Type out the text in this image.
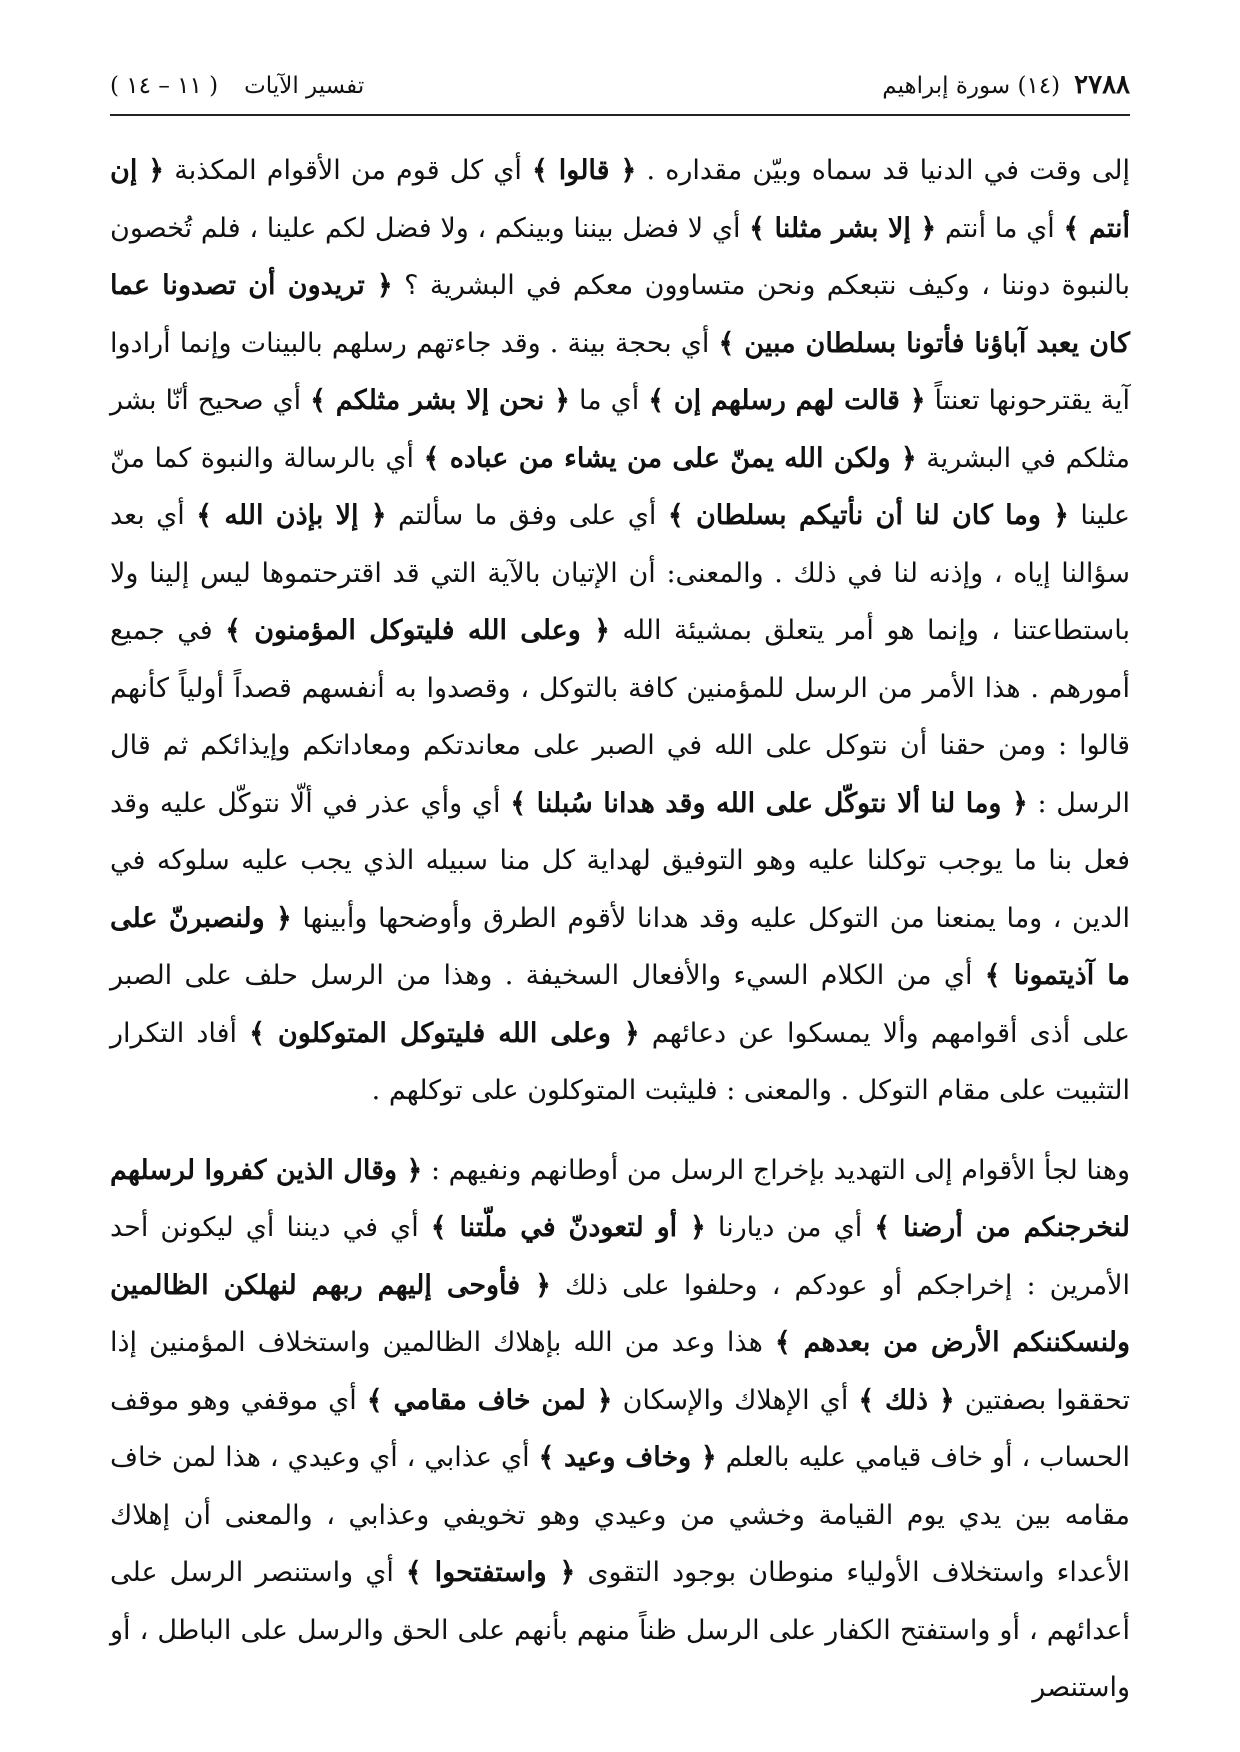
٢٧٨٨
(١٤) سورة إبراهيم
تفسير الآيات
( ١١ – ١٤ )

إلى وقت في الدنيا قد سماه وبيّن مقداره . ﴿ قالوا ﴾ أي كل قوم من الأقوام المكذبة ﴿ إن أنتم ﴾ أي ما أنتم ﴿ إلا بشر مثلنا ﴾ أي لا فضل بيننا وبينكم ، ولا فضل لكم علينا ، فلم تُخصون بالنبوة دوننا ، وكيف نتبعكم ونحن متساوون معكم في البشرية ؟ ﴿ تريدون أن تصدونا عما كان يعبد آباؤنا فأتونا بسلطان مبين ﴾ أي بحجة بينة . وقد جاءتهم رسلهم بالبينات وإنما أرادوا آية يقترحونها تعنتاً ﴿ قالت لهم رسلهم إن ﴾ أي ما ﴿ نحن إلا بشر مثلكم ﴾ أي صحيح أنّا بشر مثلكم في البشرية ﴿ ولكن الله يمنّ على من يشاء من عباده ﴾ أي بالرسالة والنبوة كما منّ علينا ﴿ وما كان لنا أن نأتيكم بسلطان ﴾ أي على وفق ما سألتم ﴿ إلا بإذن الله ﴾ أي بعد سؤالنا إياه ، وإذنه لنا في ذلك . والمعنى: أن الإتيان بالآية التي قد اقترحتموها ليس إلينا ولا باستطاعتنا ، وإنما هو أمر يتعلق بمشيئة الله ﴿ وعلى الله فليتوكل المؤمنون ﴾ في جميع أمورهم . هذا الأمر من الرسل للمؤمنين كافة بالتوكل ، وقصدوا به أنفسهم قصداً أولياً كأنهم قالوا : ومن حقنا أن نتوكل على الله في الصبر على معاندتكم ومعاداتكم وإيذائكم ثم قال الرسل : ﴿ وما لنا ألا نتوكّل على الله وقد هدانا سُبلنا ﴾ أي وأي عذر في ألّا نتوكّل عليه وقد فعل بنا ما يوجب توكلنا عليه وهو التوفيق لهداية كل منا سبيله الذي يجب عليه سلوكه في الدين ، وما يمنعنا من التوكل عليه وقد هدانا لأقوم الطرق وأوضحها وأبينها ﴿ ولنصبرنّ على ما آذيتمونا ﴾ أي من الكلام السيء والأفعال السخيفة . وهذا من الرسل حلف على الصبر على أذى أقوامهم وألا يمسكوا عن دعائهم ﴿ وعلى الله فليتوكل المتوكلون ﴾ أفاد التكرار التثبيت على مقام التوكل . والمعنى : فليثبت المتوكلون على توكلهم .

وهنا لجأ الأقوام إلى التهديد بإخراج الرسل من أوطانهم ونفيهم : ﴿ وقال الذين كفروا لرسلهم لنخرجنكم من أرضنا ﴾ أي من ديارنا ﴿ أو لتعودنّ في ملّتنا ﴾ أي في ديننا أي ليكونن أحد الأمرين : إخراجكم أو عودكم ، وحلفوا على ذلك ﴿ فأوحى إليهم ربهم لنهلكن الظالمين ولنسكننكم الأرض من بعدهم ﴾ هذا وعد من الله بإهلاك الظالمين واستخلاف المؤمنين إذا تحققوا بصفتين ﴿ ذلك ﴾ أي الإهلاك والإسكان ﴿ لمن خاف مقامي ﴾ أي موقفي وهو موقف الحساب ، أو خاف قيامي عليه بالعلم ﴿ وخاف وعيد ﴾ أي عذابي ، أي وعيدي ، هذا لمن خاف مقامه بين يدي يوم القيامة وخشي من وعيدي وهو تخويفي وعذابي ، والمعنى أن إهلاك الأعداء واستخلاف الأولياء منوطان بوجود التقوى ﴿ واستفتحوا ﴾ أي واستنصر الرسل على أعدائهم ، أو واستفتح الكفار على الرسل ظناً منهم بأنهم على الحق والرسل على الباطل ، أو واستنصر
